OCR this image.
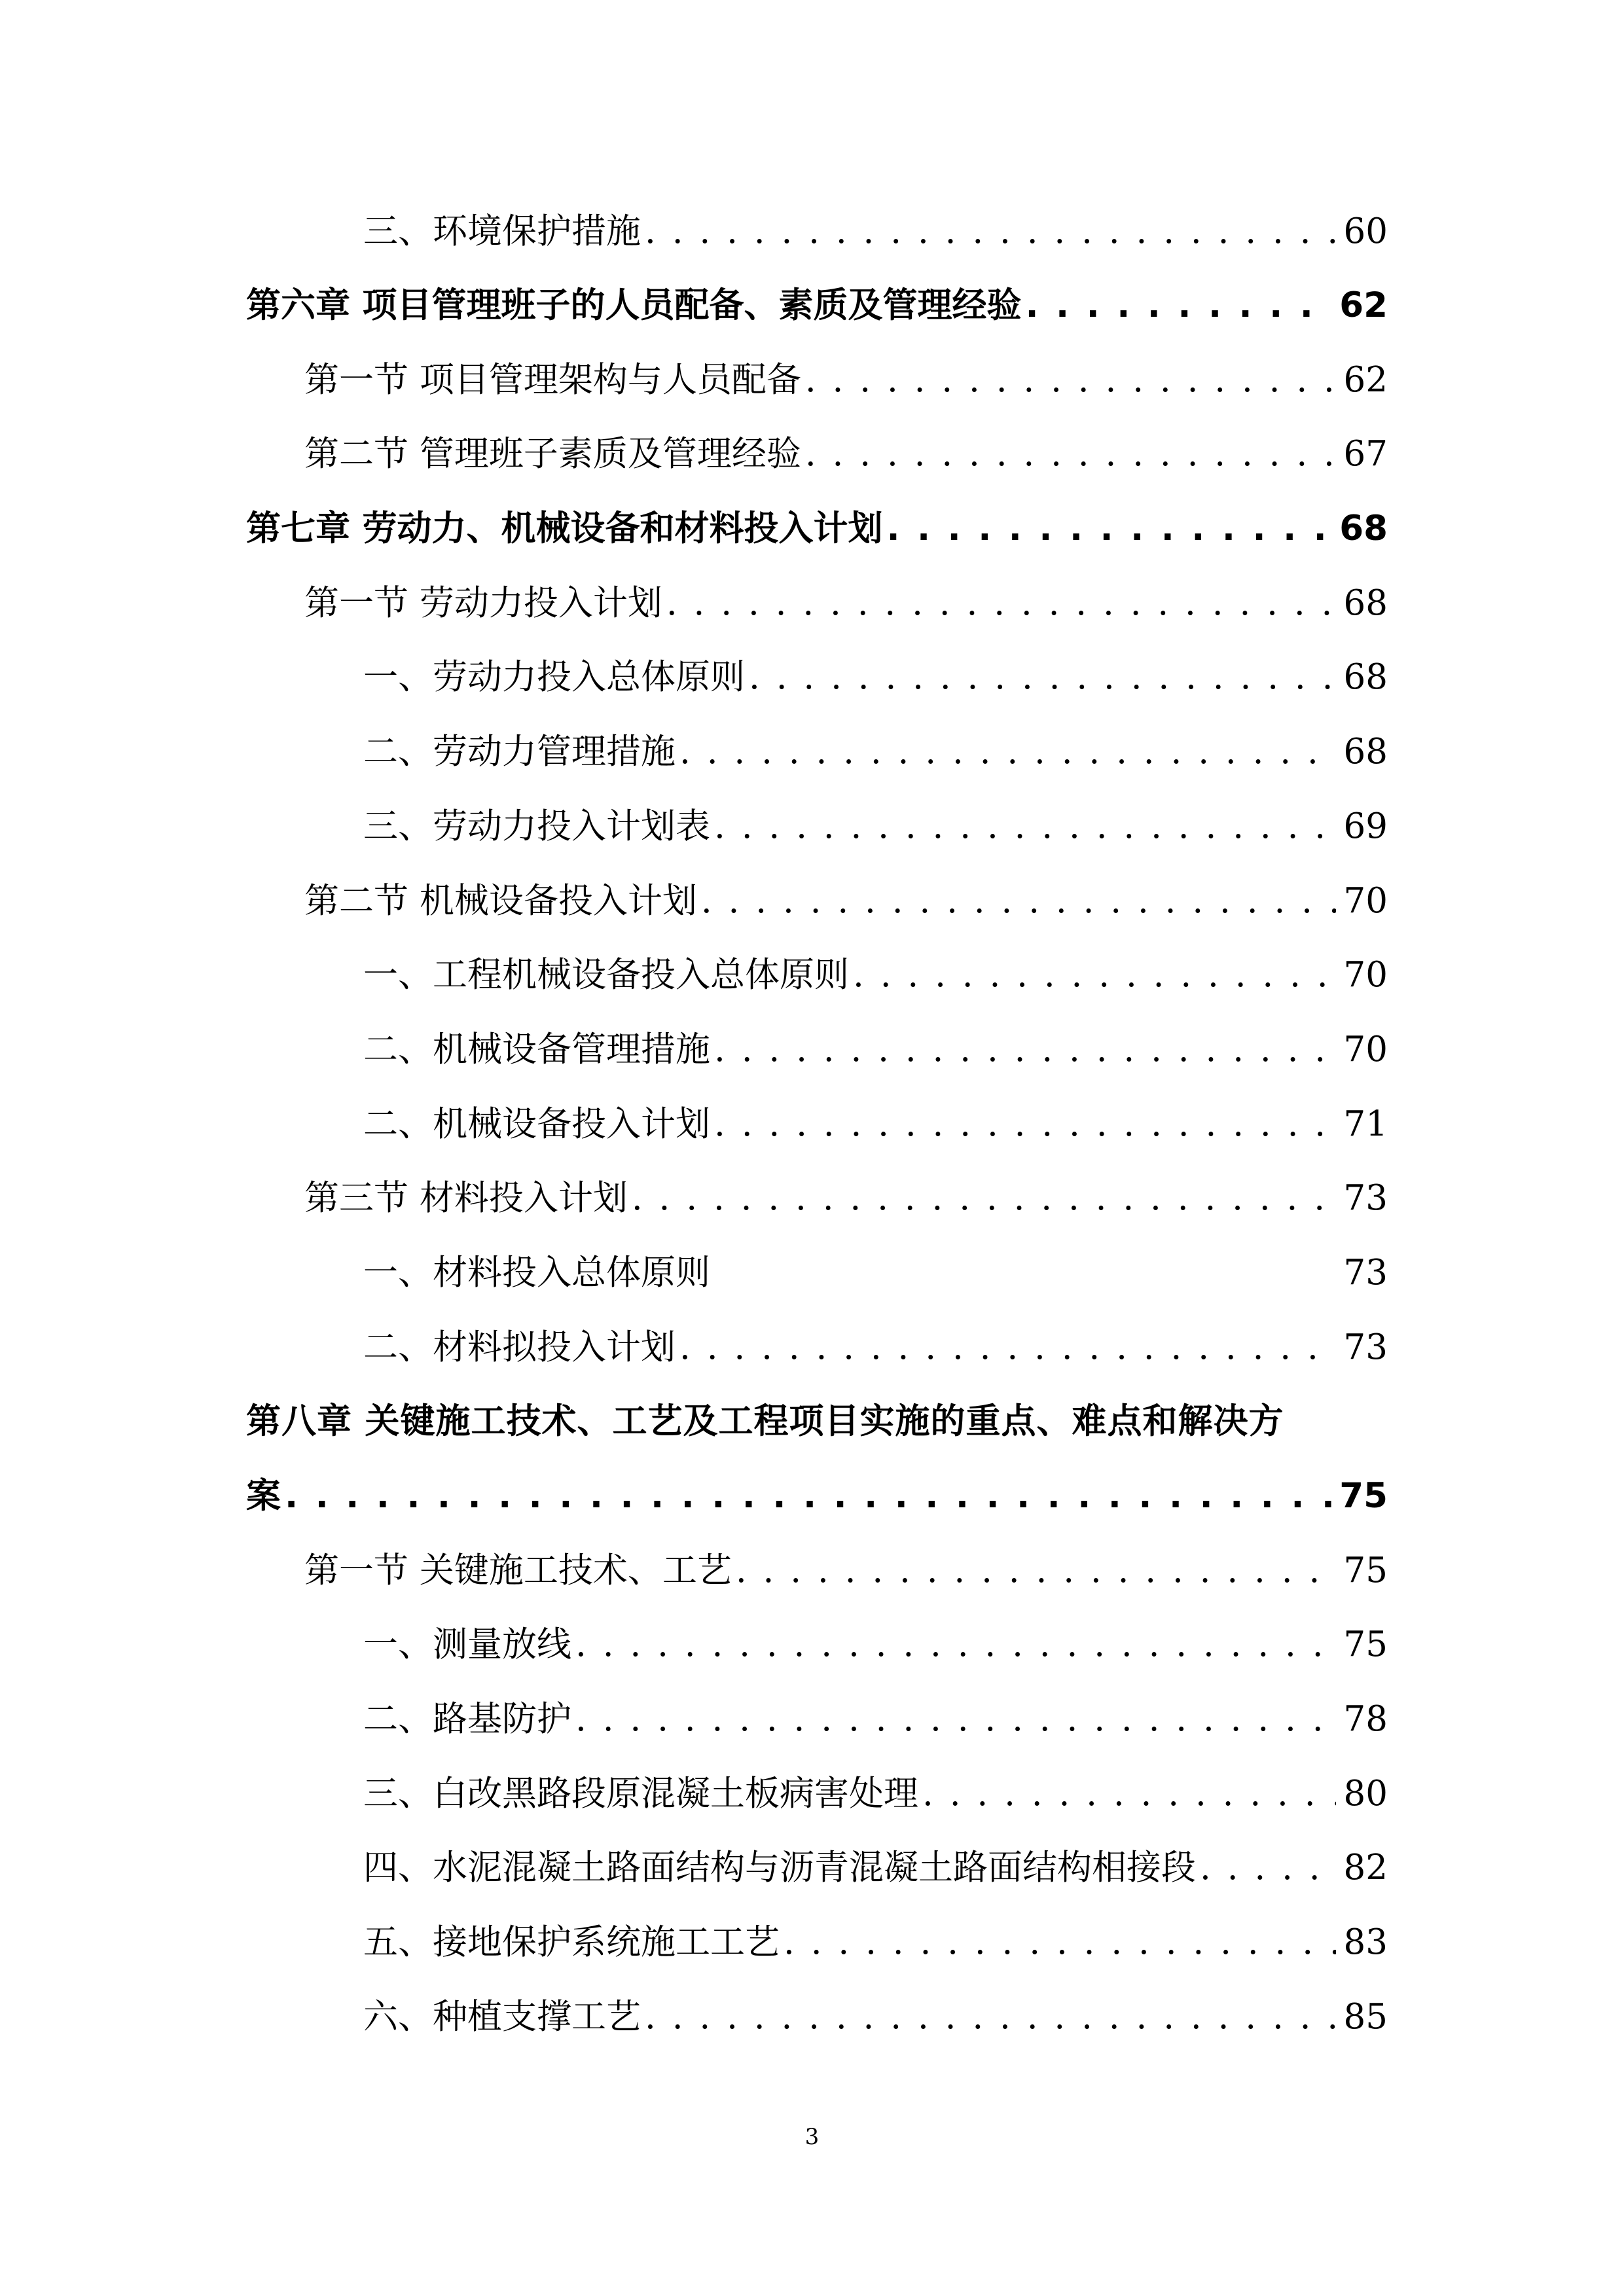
三、环境保护措施 . . .	60
第六章 项目管理班子的人员配备、素质及管理经验 . . .	62
第一节 项目管理架构与人员配备 . . .	62
第二节 管理班子素质及管理经验 . . .	67
第七章 劳动力、机械设备和材料投入计划 . . .	68
第一节 劳动力投入计划 . . .	68
一、劳动力投入总体原则 . . .	68
二、劳动力管理措施 . . .	68
三、劳动力投入计划表 . . .	69
第二节 机械设备投入计划 . . .	70
一、工程机械设备投入总体原则 . . .	70
二、机械设备管理措施 . . .	70
二、机械设备投入计划 . . .	71
第三节 材料投入计划 . . .	73
一、材料投入总体原则	73
二、材料拟投入计划 . . .	73
第八章 关键施工技术、工艺及工程项目实施的重点、难点和解决方
案 . . .	75
第一节 关键施工技术、工艺 . . .	75
一、测量放线 . . .	75
二、路基防护 . . .	78
三、白改黑路段原混凝土板病害处理 . . .	80
四、水泥混凝土路面结构与沥青混凝土路面结构相接段 . . .	82
五、接地保护系统施工工艺 . . .	83
六、种植支撑工艺 . . .	85
3
